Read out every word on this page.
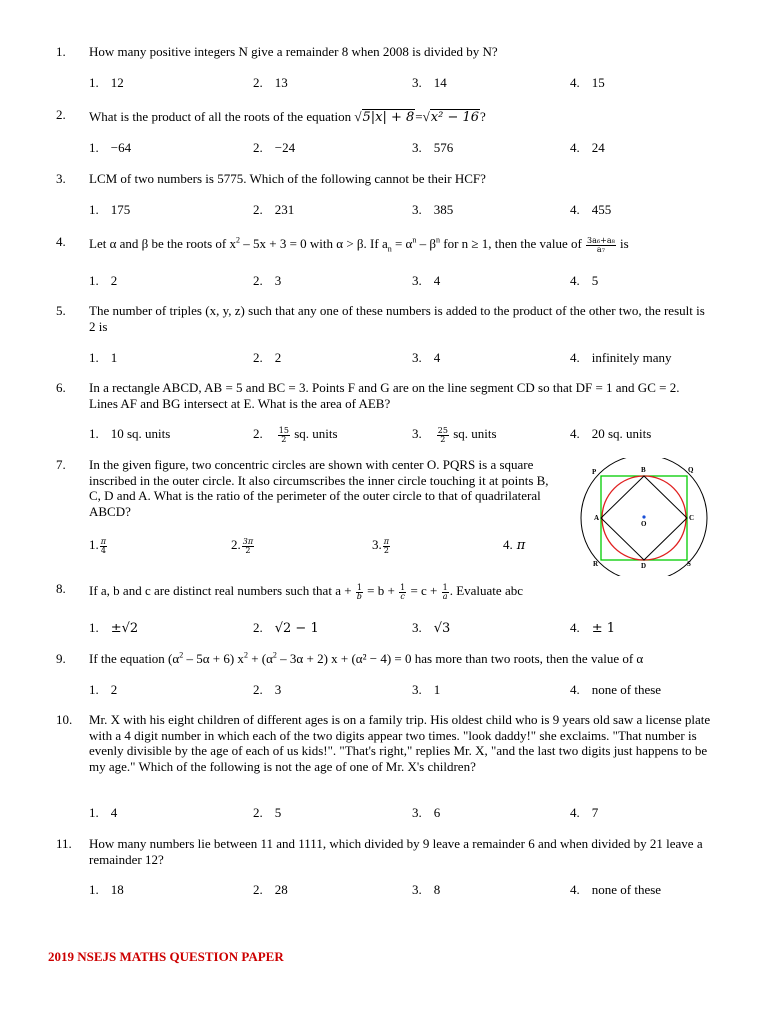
1. How many positive integers N give a remainder 8 when 2008 is divided by N?
1. 12	2. 13	3. 14	4. 15
2. What is the product of all the roots of the equation √5|x| + 8=√x² − 16?
1. −64	2. −24	3. 576	4. 24
3. LCM of two numbers is 5775. Which of the following cannot be their HCF?
1. 175	2. 231	3. 385	4. 455
4. Let α and β be the roots of $x^2 - 5x + 3 = 0$ with α > β. If $a_n = \alpha^n - \beta^n$ for n ≥ 1, then the value of $\frac{\text{3a₆+a₈}}{\text{a₇}}$ is
1. 2	2. 3	3. 4	4. 5
5. The number of triples (x, y, z) such that any one of these numbers is added to the product of the other two, the result is 2 is
1. 1	2. 2	3. 4	4. infinitely many
6. In a rectangle ABCD, AB = 5 and BC = 3. Points F and G are on the line segment CD so that DF = 1 and GC = 2. Lines AF and BG intersect at E. What is the area of AEB?
1. 10 sq. units	2. $\frac{15}{2}$ sq. units	3. $\frac{25}{2}$ sq. units	4. 20 sq. units
7. In the given figure, two concentric circles are shown with center O. PQRS is a square inscribed in the outer circle. It also circumscribes the inner circle touching it at points B, C, D and A. What is the ratio of the perimeter of the outer circle to that of quadrilateral ABCD?
1. $\frac{\pi}{4}$	2. $\frac{3\pi}{2}$	3. $\frac{\pi}{2}$	4. π
P	B	Q
A
O
C
R	D	S
8. If a, b and c are distinct real numbers such that $a + \frac{1}{b} = b + \frac{1}{c} = c + \frac{1}{a}$ . Evaluate abc
1. ±√2	2. √2 − 1	3. √3	4. ± 1
9. If the equation $(\alpha^2 - 5\alpha + 6) x^2 + (\alpha^2 - 3\alpha + 2) x + (\alpha^2 - 4) = 0$ has more than two roots, then the value of α
1. 2	2. 3	3. 1	4. none of these
10. Mr. X with his eight children of different ages is on a family trip. His oldest child who is 9 years old saw a license plate with a 4 digit number in which each of the two digits appear two times. "look daddy!" she exclaims. "That number is evenly divisible by the age of each of us kids!". "That's right," replies Mr. X, "and the last two digits just happens to be my age." Which of the following is not the age of one of Mr. X's children?
1. 4	2. 5	3. 6	4. 7
11. How many numbers lie between 11 and 1111, which divided by 9 leave a remainder 6 and when divided by 21 leave a remainder 12?
1. 18	2. 28	3. 8	4. none of these
2019 NSEJS MATHS QUESTION PAPER
